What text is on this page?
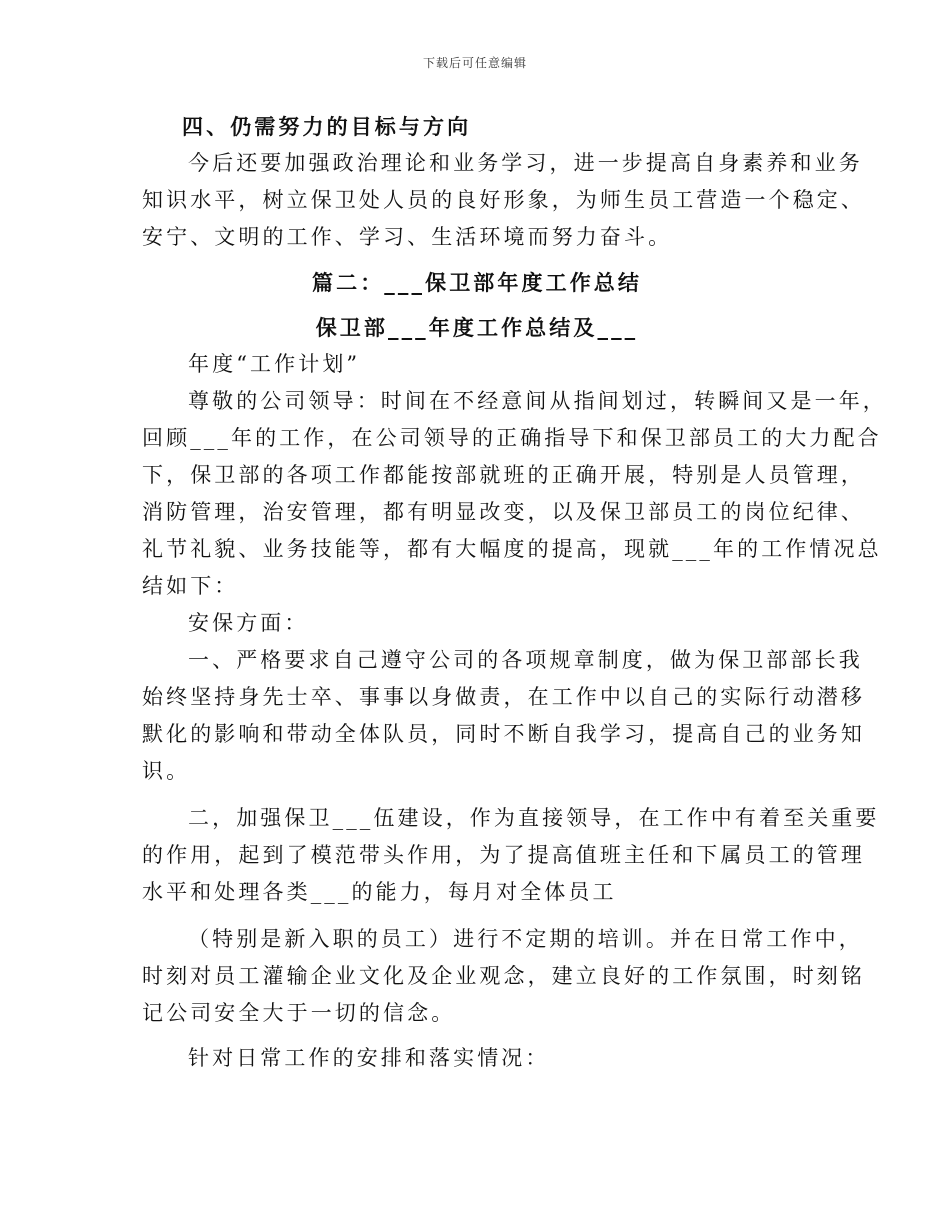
下载后可任意编辑
四、仍需努力的目标与方向
今后还要加强政治理论和业务学习，进一步提高自身素养和业务
知识水平，树立保卫处人员的良好形象，为师生员工营造一个稳定、
安宁、文明的工作、学习、生活环境而努力奋斗。
篇二：___保卫部年度工作总结
保卫部___年度工作总结及___
年度“工作计划”
尊敬的公司领导：时间在不经意间从指间划过，转瞬间又是一年，
回顾___年的工作，在公司领导的正确指导下和保卫部员工的大力配合
下，保卫部的各项工作都能按部就班的正确开展，特别是人员管理，
消防管理，治安管理，都有明显改变，以及保卫部员工的岗位纪律、
礼节礼貌、业务技能等，都有大幅度的提高，现就___年的工作情况总
结如下：
安保方面：
一、严格要求自己遵守公司的各项规章制度，做为保卫部部长我
始终坚持身先士卒、事事以身做责，在工作中以自己的实际行动潜移
默化的影响和带动全体队员，同时不断自我学习，提高自己的业务知
识。
二，加强保卫___伍建设，作为直接领导，在工作中有着至关重要
的作用，起到了模范带头作用，为了提高值班主任和下属员工的管理
水平和处理各类___的能力，每月对全体员工
（特别是新入职的员工）进行不定期的培训。并在日常工作中，
时刻对员工灌输企业文化及企业观念，建立良好的工作氛围，时刻铭
记公司安全大于一切的信念。
针对日常工作的安排和落实情况：
